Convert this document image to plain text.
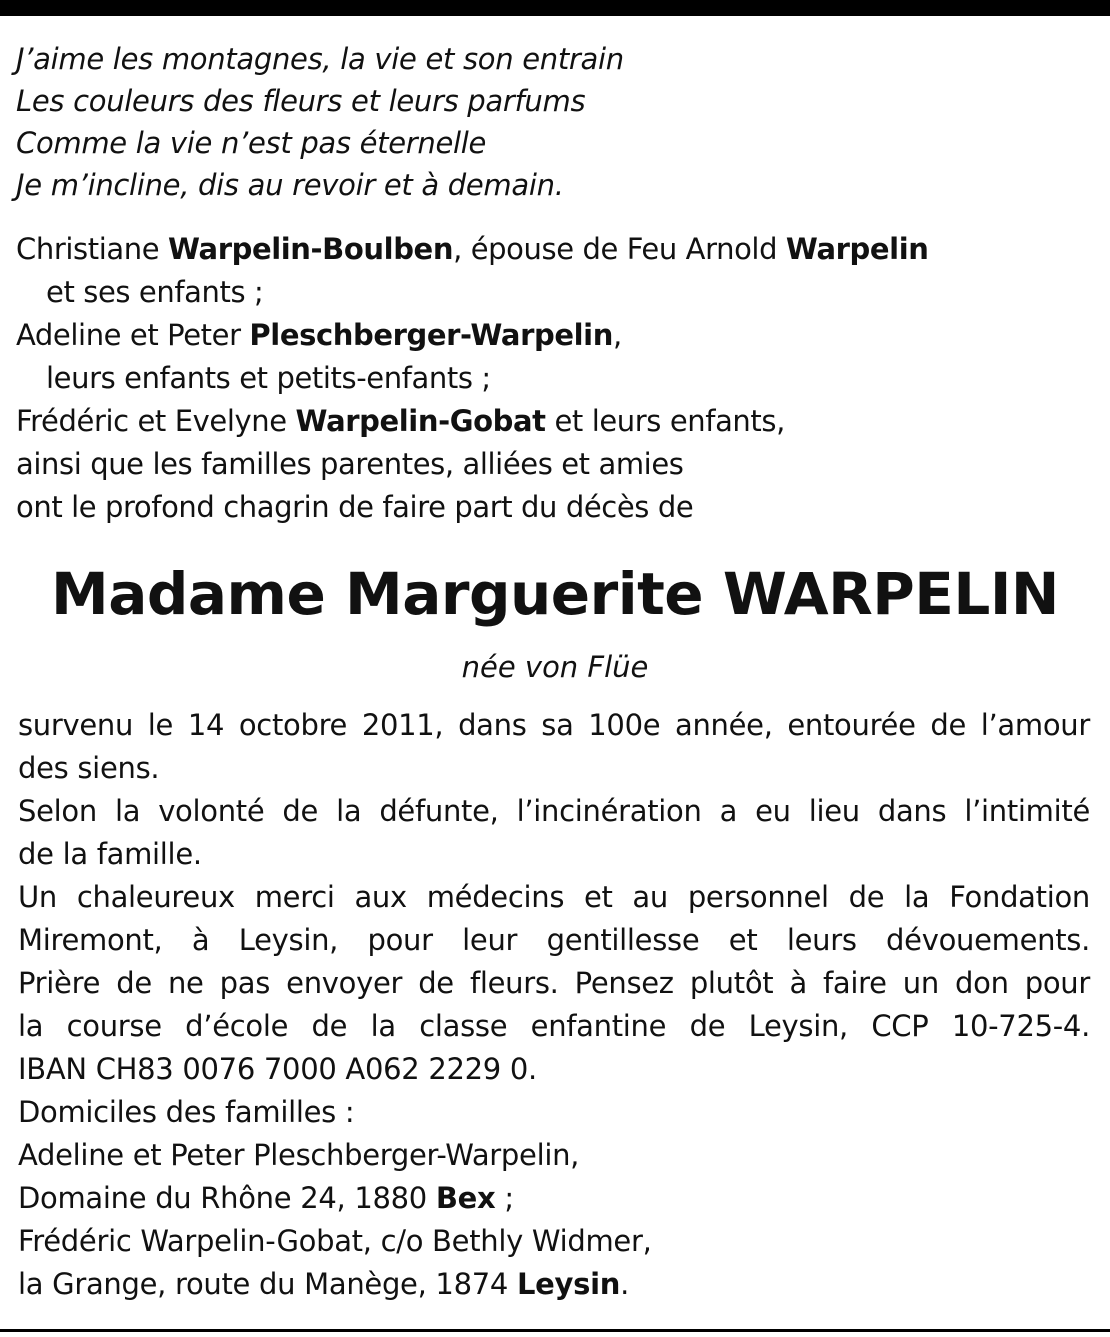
J’aime les montagnes, la vie et son entrain
Les couleurs des fleurs et leurs parfums
Comme la vie n’est pas éternelle
Je m’incline, dis au revoir et à demain.
Christiane Warpelin-Boulben, épouse de Feu Arnold Warpelin
et ses enfants ;
Adeline et Peter Pleschberger-Warpelin,
leurs enfants et petits-enfants ;
Frédéric et Evelyne Warpelin-Gobat et leurs enfants,
ainsi que les familles parentes, alliées et amies
ont le profond chagrin de faire part du décès de
Madame Marguerite WARPELIN
née von Flüe
survenu le 14 octobre 2011, dans sa 100e année, entourée de l’amour
des siens.
Selon la volonté de la défunte, l’incinération a eu lieu dans l’intimité
de la famille.
Un chaleureux merci aux médecins et au personnel de la Fondation
Miremont, à Leysin, pour leur gentillesse et leurs dévouements.
Prière de ne pas envoyer de fleurs. Pensez plutôt à faire un don pour
la course d’école de la classe enfantine de Leysin, CCP 10-725-4.
IBAN CH83 0076 7000 A062 2229 0.
Domiciles des familles :
Adeline et Peter Pleschberger-Warpelin,
Domaine du Rhône 24, 1880 Bex ;
Frédéric Warpelin-Gobat, c/o Bethly Widmer,
la Grange, route du Manège, 1874 Leysin.
